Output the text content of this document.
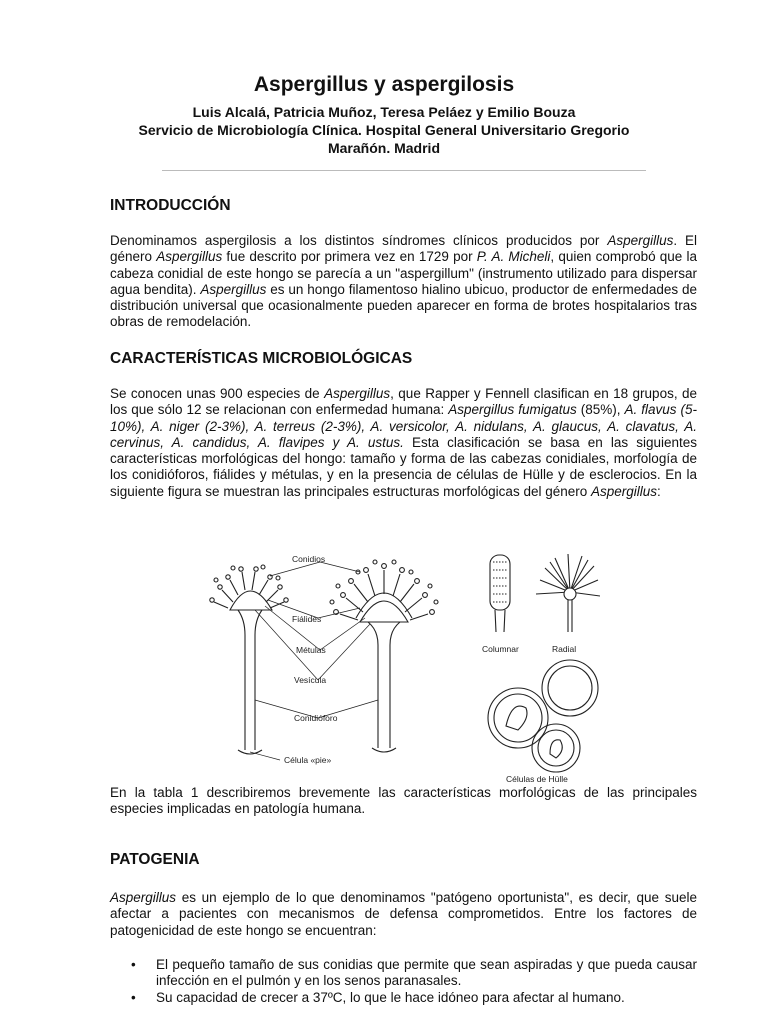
Aspergillus y aspergilosis
Luis Alcalá, Patricia Muñoz, Teresa Peláez y Emilio Bouza
Servicio de Microbiología Clínica. Hospital General Universitario Gregorio Marañón. Madrid
INTRODUCCIÓN

Denominamos aspergilosis a los distintos síndromes clínicos producidos por Aspergillus. El género Aspergillus fue descrito por primera vez en 1729 por P. A. Micheli, quien comprobó que la cabeza conidial de este hongo se parecía a un "aspergillum" (instrumento utilizado para dispersar agua bendita). Aspergillus es un hongo filamentoso hialino ubicuo, productor de enfermedades de distribución universal que ocasionalmente pueden aparecer en forma de brotes hospitalarios tras obras de remodelación.

CARACTERÍSTICAS MICROBIOLÓGICAS

Se conocen unas 900 especies de Aspergillus, que Rapper y Fennell clasifican en 18 grupos, de los que sólo 12 se relacionan con enfermedad humana: Aspergillus fumigatus (85%), A. flavus (5-10%), A. niger (2-3%), A. terreus (2-3%), A. versicolor, A. nidulans, A. glaucus, A. clavatus, A. cervinus, A. candidus, A. flavipes y A. ustus. Esta clasificación se basa en las siguientes características morfológicas del hongo: tamaño y forma de las cabezas conidiales, morfología de los conidióforos, fiálides y métulas, y en la presencia de células de Hülle y de esclerocios. En la siguiente figura se muestran las principales estructuras morfológicas del género Aspergillus:

Conidios
Fiálides
Métulas
Vesícula
Conidióforo
Célula «pie»
Columnar	Radial
Células de Hülle

En la tabla 1 describiremos brevemente las características morfológicas de las principales especies implicadas en patología humana.

PATOGENIA

Aspergillus es un ejemplo de lo que denominamos "patógeno oportunista", es decir, que suele afectar a pacientes con mecanismos de defensa comprometidos. Entre los factores de patogenicidad de este hongo se encuentran:

• El pequeño tamaño de sus conidias que permite que sean aspiradas y que pueda causar infección en el pulmón y en los senos paranasales.
• Su capacidad de crecer a 37ºC, lo que le hace idóneo para afectar al humano.
